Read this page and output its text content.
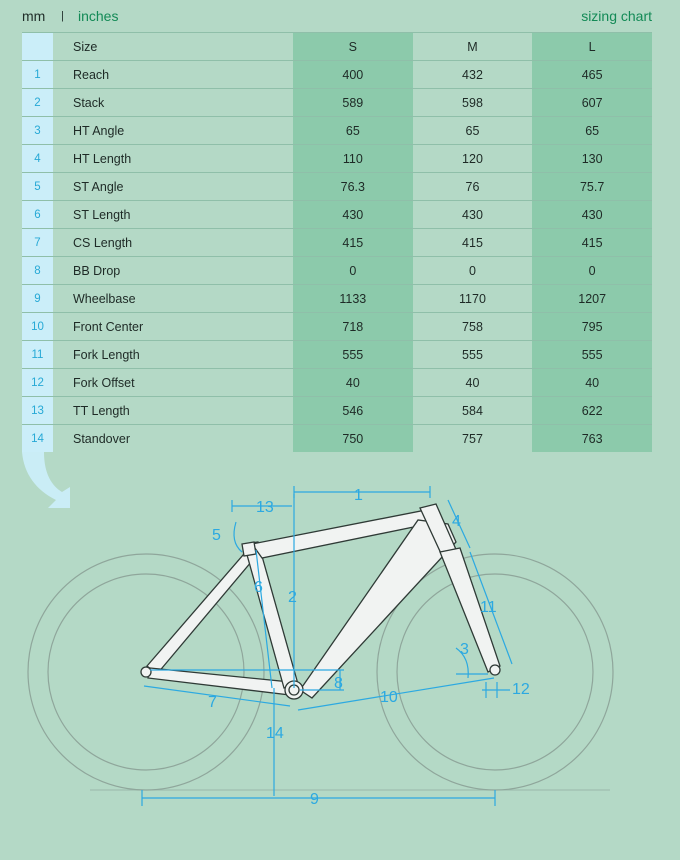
mm | inches	sizing chart
	Size	S	M	L
1	Reach	400	432	465
2	Stack	589	598	607
3	HT Angle	65	65	65
4	HT Length	110	120	130
5	ST Angle	76.3	76	75.7
6	ST Length	430	430	430
7	CS Length	415	415	415
8	BB Drop	0	0	0
9	Wheelbase	1133	1170	1207
10	Front Center	718	758	795
11	Fork Length	555	555	555
12	Fork Offset	40	40	40
13	TT Length	546	584	622
14	Standover	750	757	763
1
2
3
4
5
6
7
8
9
10
11
12
13
14
